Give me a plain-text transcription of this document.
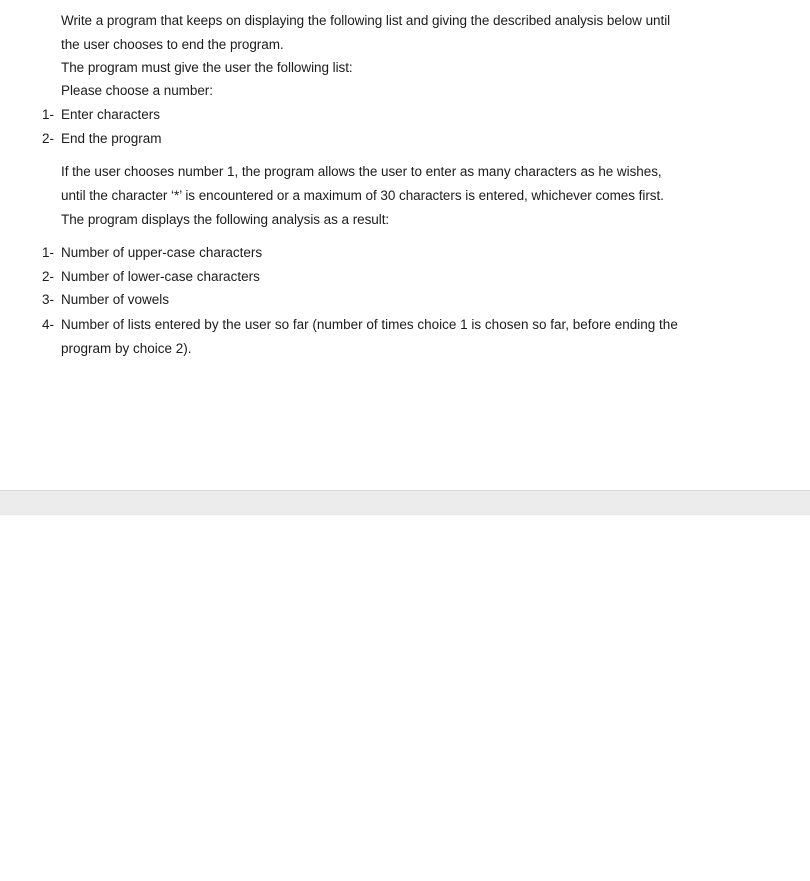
Write a program that keeps on displaying the following list and giving the described analysis below until
the user chooses to end the program.
The program must give the user the following list:
Please choose a number:
1- Enter characters
2- End the program
If the user chooses number 1, the program allows the user to enter as many characters as he wishes,
until the character ‘*’ is encountered or a maximum of 30 characters is entered, whichever comes first.
The program displays the following analysis as a result:
1- Number of upper-case characters
2- Number of lower-case characters
3- Number of vowels
4- Number of lists entered by the user so far (number of times choice 1 is chosen so far, before ending the
program by choice 2).
